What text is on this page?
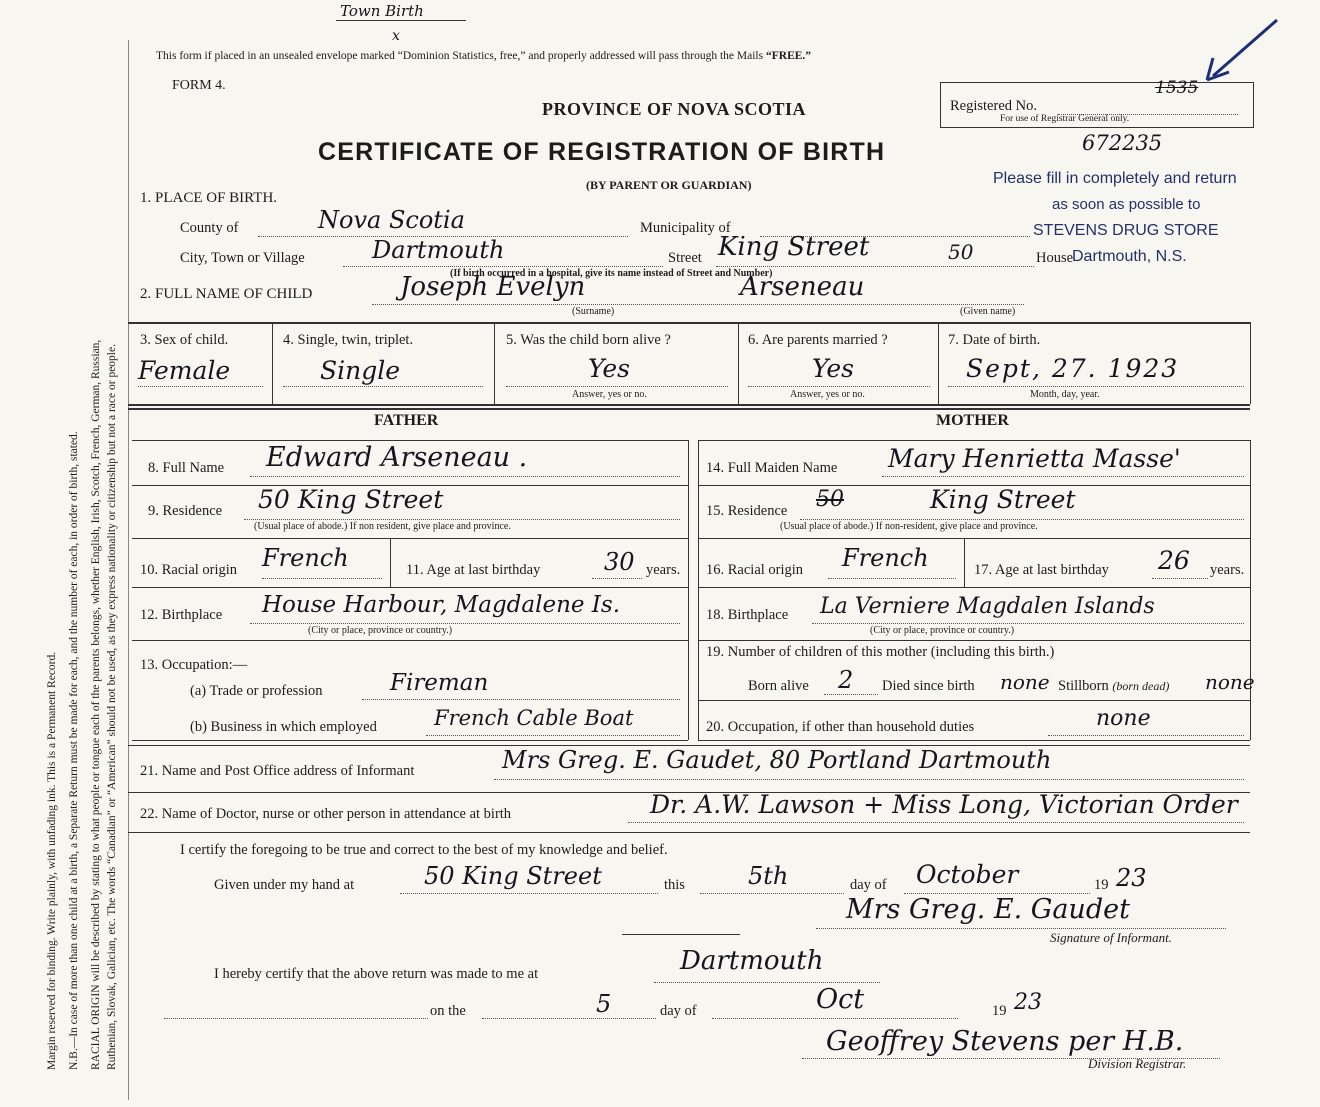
Margin reserved for binding. Write plainly, with unfading ink. This is a Permanent Record. N.B.—In case of more than one child at a birth, a Separate Return must be made for each, and the number of each, in order of birth, stated. RACIAL ORIGIN will be described by stating to what people or tongue each of the parents belongs, whether English, Irish, Scotch, French, German, Russian, Ruthenian, Slovak, Galician, etc. The words “Canadian” or “American” should not be used, as they express nationality or citizenship but not a race or people.
Town Birth
x
This form if placed in an unsealed envelope marked “Dominion Statistics, free,” and properly addressed will pass through the Mails “FREE.”
FORM 4.
PROVINCE OF NOVA SCOTIA
CERTIFICATE OF REGISTRATION OF BIRTH
(BY PARENT OR GUARDIAN)
Registered No.
1535
For use of Registrar General only.
672235
Please fill in completely and return
as soon as possible to
STEVENS DRUG STORE
Dartmouth, N.S.
1. PLACE OF BIRTH.
County of	Nova Scotia	Municipality of
City, Town or Village	Dartmouth	Street King Street	50	House
(If birth occurred in a hospital, give its name instead of Street and Number)
2. FULL NAME OF CHILD	Joseph Evelyn	Arseneau
(Surname)	(Given name)
3. Sex of child.
Female
4. Single, twin, triplet.
Single
5. Was the child born alive ?
Yes
Answer, yes or no.
6. Are parents married ?
Yes
Answer, yes or no.
7. Date of birth.
Sept, 27. 1923
Month, day, year.
FATHER	MOTHER
8. Full Name Edward Arseneau .
9. Residence 50 King Street
(Usual place of abode.) If non resident, give place and province.
10. Racial origin French	11. Age at last birthday	30 years.
12. Birthplace House Harbour, Magdalene Is.
(City or place, province or country.)
13. Occupation:—
(a) Trade or profession	Fireman
(b) Business in which employed	French Cable Boat
14. Full Maiden Name Mary Henrietta Masse'
15. Residence 50	King Street
(Usual place of abode.) If non-resident, give place and province.
16. Racial origin French	17. Age at last birthday 26 years.
18. Birthplace La Verniere Magdalen Islands
(City or place, province or country.)
19. Number of children of this mother (including this birth.)
Born alive 2 Died since birth none Stillborn (born dead) none
20. Occupation, if other than household duties	none
21. Name and Post Office address of Informant	Mrs Greg. E. Gaudet, 80 Portland Dartmouth
22. Name of Doctor, nurse or other person in attendance at birth	Dr. A.W. Lawson + Miss Long, Victorian Order
I certify the foregoing to be true and correct to the best of my knowledge and belief.
Given under my hand at	50 King Street	this	5th	day of October	19 23
Mrs Greg. E. Gaudet
Signature of Informant.
I hereby certify that the above return was made to me at	Dartmouth
on the	5	day of	Oct	19 23
Geoffrey Stevens per H.B.
Division Registrar.
